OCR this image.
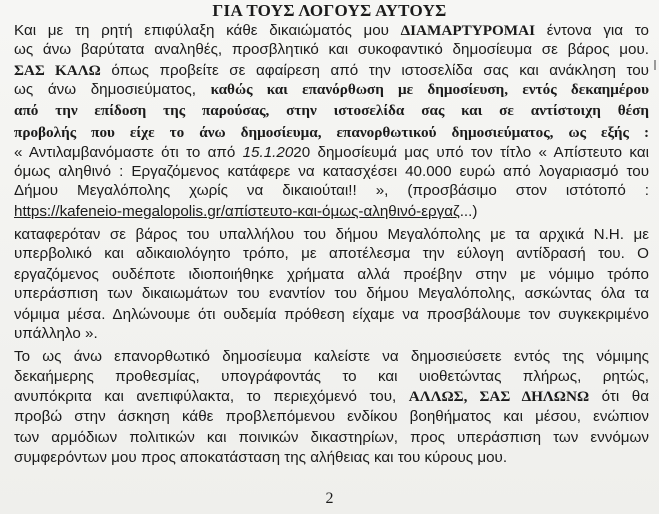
ΓΙΑ ΤΟΥΣ ΛΟΓΟΥΣ ΑΥΤΟΥΣ
Και με τη ρητή επιφύλαξη κάθε δικαιώματός μου ΔΙΑΜΑΡΤΥΡΟΜΑΙ έντονα για το
ως άνω βαρύτατα αναληθές, προσβλητικό και συκοφαντικό δημοσίευμα σε βάρος μου.
ΣΑΣ ΚΑΛΩ όπως προβείτε σε αφαίρεση από την ιστοσελίδα σας και ανάκληση του
ως άνω δημοσιεύματος, καθώς και επανόρθωση με δημοσίευση, εντός δεκαημέρου
από την επίδοση της παρούσας, στην ιστοσελίδα σας και σε αντίστοιχη θέση
προβολής που είχε το άνω δημοσίευμα, επανορθωτικού δημοσιεύματος, ως εξής :
« Αντιλαμβανόμαστε ότι το από 15.1.2020 δημοσίευμά μας υπό τον τίτλο « Απίστευτο και
όμως αληθινό : Εργαζόμενος κατάφερε να κατασχέσει 40.000 ευρώ από λογαριασμό του
Δήμου Μεγαλόπολης χωρίς να δικαιούται!! », (προσβάσιμο στον ιστότοπό :
https://kafeneio-megalopolis.gr/απίστευτο-και-όμως-αληθινό-εργαζ...)
καταφερόταν σε βάρος του υπαλλήλου του δήμου Μεγαλόπολης με τα αρχικά Ν.Η. με
υπερβολικό και αδικαιολόγητο τρόπο, με αποτέλεσμα την εύλογη αντίδρασή του. Ο
εργαζόμενος ουδέποτε ιδιοποιήθηκε χρήματα αλλά προέβην στην με νόμιμο τρόπο
υπεράσπιση των δικαιωμάτων του εναντίον του δήμου Μεγαλόπολης, ασκώντας όλα τα
νόμιμα μέσα. Δηλώνουμε ότι ουδεμία πρόθεση είχαμε να προσβάλουμε τον συγκεκριμένο
υπάλληλο ».
Το ως άνω επανορθωτικό δημοσίευμα καλείστε να δημοσιεύσετε εντός της νόμιμης
δεκαήμερης προθεσμίας, υπογράφοντάς το και υιοθετώντας πλήρως, ρητώς,
ανυπόκριτα και ανεπιφύλακτα, το περιεχόμενό του, ΑΛΛΩΣ, ΣΑΣ ΔΗΛΩΝΩ ότι θα
προβώ στην άσκηση κάθε προβλεπόμενου ενδίκου βοηθήματος και μέσου, ενώπιον
των αρμόδιων πολιτικών και ποινικών δικαστηρίων, προς υπεράσπιση των εννόμων
συμφερόντων μου προς αποκατάσταση της αλήθειας και του κύρους μου.
2
